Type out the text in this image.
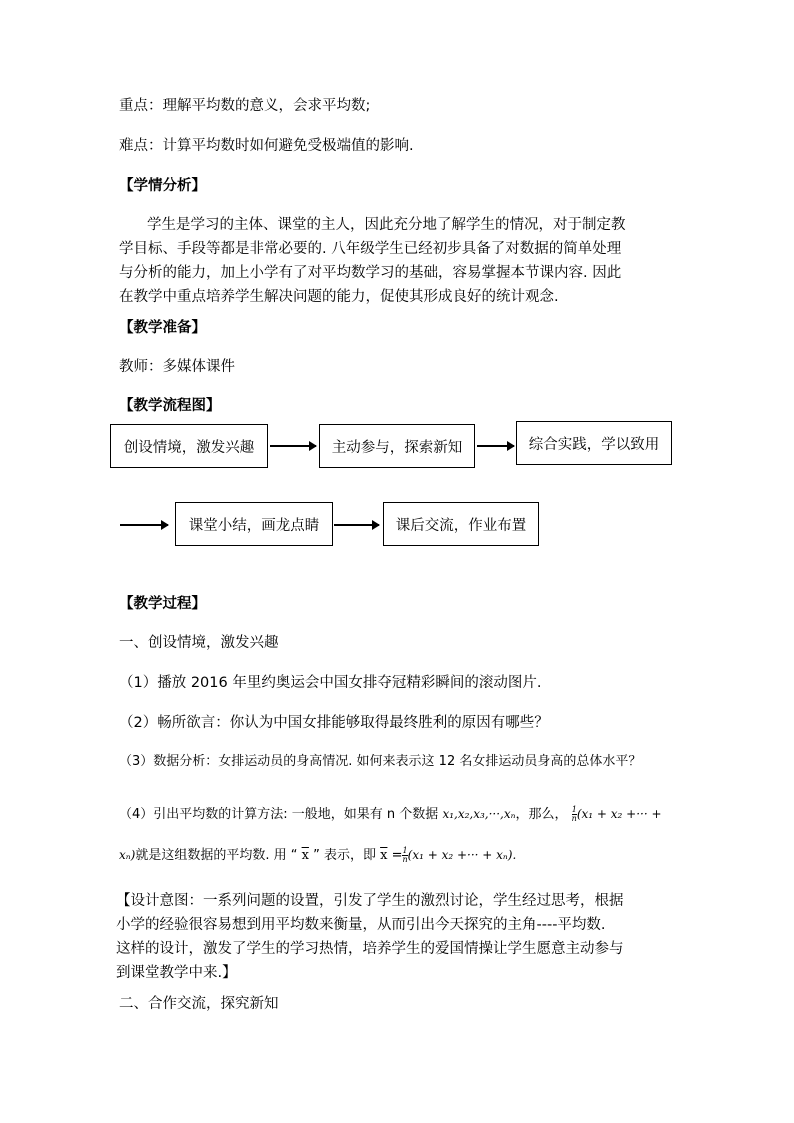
重点：理解平均数的意义，会求平均数;
难点：计算平均数时如何避免受极端值的影响.
【学情分析】
学生是学习的主体、课堂的主人，因此充分地了解学生的情况，对于制定教
学目标、手段等都是非常必要的. 八年级学生已经初步具备了对数据的简单处理
与分析的能力，加上小学有了对平均数学习的基础，容易掌握本节课内容. 因此
在教学中重点培养学生解决问题的能力，促使其形成良好的统计观念.
【教学准备】
教师：多媒体课件
【教学流程图】
创设情境，激发兴趣	主动参与，探索新知	综合实践，学以致用
课堂小结，画龙点睛	课后交流，作业布置
【教学过程】
一、创设情境，激发兴趣
（1）播放 2016 年里约奥运会中国女排夺冠精彩瞬间的滚动图片.
（2）畅所欲言：你认为中国女排能够取得最终胜利的原因有哪些？
（3）数据分析：女排运动员的身高情况. 如何来表示这 12 名女排运动员身高的总体水平？
（4）引出平均数的计算方法: 一般地，如果有 n 个数据 x₁,x₂,x₃,···,xₙ，那么， $\frac{1}{n} (x_1 + x_2$ +··· +
xₙ)就是这组数据的平均数. 用 “ $\overline{x}$ ” 表示，即 $\overline{x} = \frac{1}{n} (x_1 + x_2$ +··· + xₙ).
【设计意图：一系列问题的设置，引发了学生的激烈讨论，学生经过思考，根据
小学的经验很容易想到用平均数来衡量，从而引出今天探究的主角----平均数.
这样的设计，激发了学生的学习热情，培养学生的爱国情操让学生愿意主动参与
到课堂教学中来.】
二、合作交流，探究新知
